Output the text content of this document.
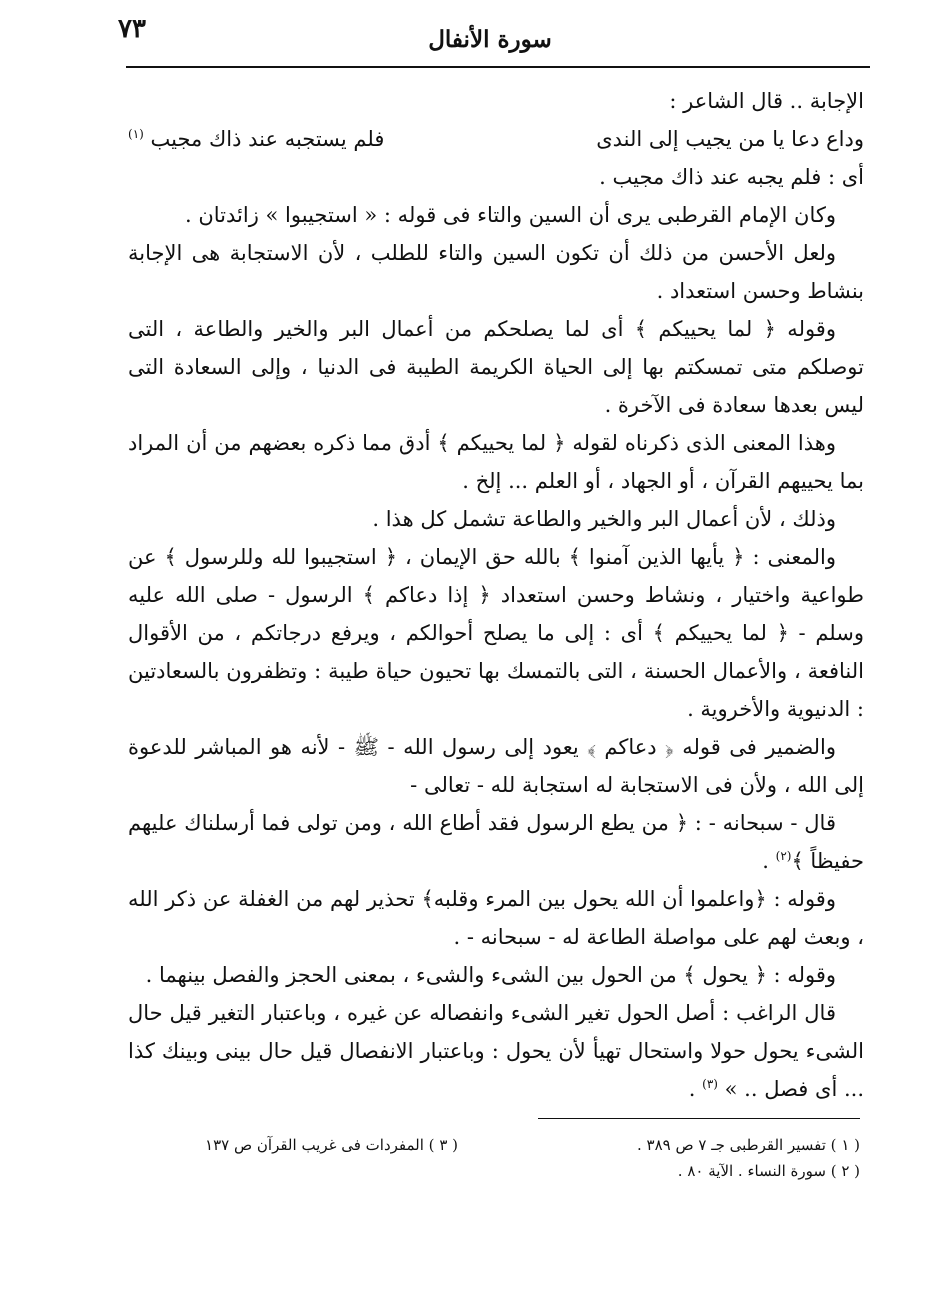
٧٣	سورة الأنفال

الإجابة .. قال الشاعر :

وداع دعا يا من يجيب إلى الندى
فلم يستجبه عند ذاك مجيب $^{(١)}$

أى : فلم يجبه عند ذاك مجيب .

وكان الإمام القرطبى يرى أن السين والتاء فى قوله : « استجيبوا » زائدتان .

ولعل الأحسن من ذلك أن تكون السين والتاء للطلب ، لأن الاستجابة هى الإجابة بنشاط وحسن استعداد .

وقوله ﴿ لما يحييكم ﴾ أى لما يصلحكم من أعمال البر والخير والطاعة ، التى توصلكم متى تمسكتم بها إلى الحياة الكريمة الطيبة فى الدنيا ، وإلى السعادة التى ليس بعدها سعادة فى الآخرة .

وهذا المعنى الذى ذكرناه لقوله ﴿ لما يحييكم ﴾ أدق مما ذكره بعضهم من أن المراد بما يحييهم القرآن ، أو الجهاد ، أو العلم ... إلخ .

وذلك ، لأن أعمال البر والخير والطاعة تشمل كل هذا .

والمعنى : ﴿ يأيها الذين آمنوا ﴾ بالله حق الإيمان ، ﴿ استجيبوا لله وللرسول ﴾ عن طواعية واختيار ، ونشاط وحسن استعداد ﴿ إذا دعاكم ﴾ الرسول - صلى الله عليه وسلم - ﴿ لما يحييكم ﴾ أى : إلى ما يصلح أحوالكم ، ويرفع درجاتكم ، من الأقوال النافعة ، والأعمال الحسنة ، التى بالتمسك بها تحيون حياة طيبة : وتظفرون بالسعادتين : الدنيوية والأخروية .

والضمير فى قوله ﴿ دعاكم ﴾ يعود إلى رسول الله - ﷺ - لأنه هو المباشر للدعوة إلى الله ، ولأن فى الاستجابة له استجابة لله - تعالى -

قال - سبحانه - : ﴿ من يطع الرسول فقد أطاع الله ، ومن تولى فما أرسلناك عليهم حفيظاً ﴾$^{(٢)}$ .

وقوله : ﴿واعلموا أن الله يحول بين المرء وقلبه﴾ تحذير لهم من الغفلة عن ذكر الله ، وبعث لهم على مواصلة الطاعة له - سبحانه - .

وقوله : ﴿ يحول ﴾ من الحول بين الشىء والشىء ، بمعنى الحجز والفصل بينهما .

قال الراغب : أصل الحول تغير الشىء وانفصاله عن غيره ، وباعتبار التغير قيل حال الشىء يحول حولا واستحال تهيأ لأن يحول : وباعتبار الانفصال قيل حال بينى وبينك كذا ... أى فصل .. » $^{(٣)}$ .

( ١ ) تفسير القرطبى جـ ٧ ص ٣٨٩ .
( ٢ ) سورة النساء . الآية ٨٠ .
( ٣ ) المفردات فى غريب القرآن ص ١٣٧
